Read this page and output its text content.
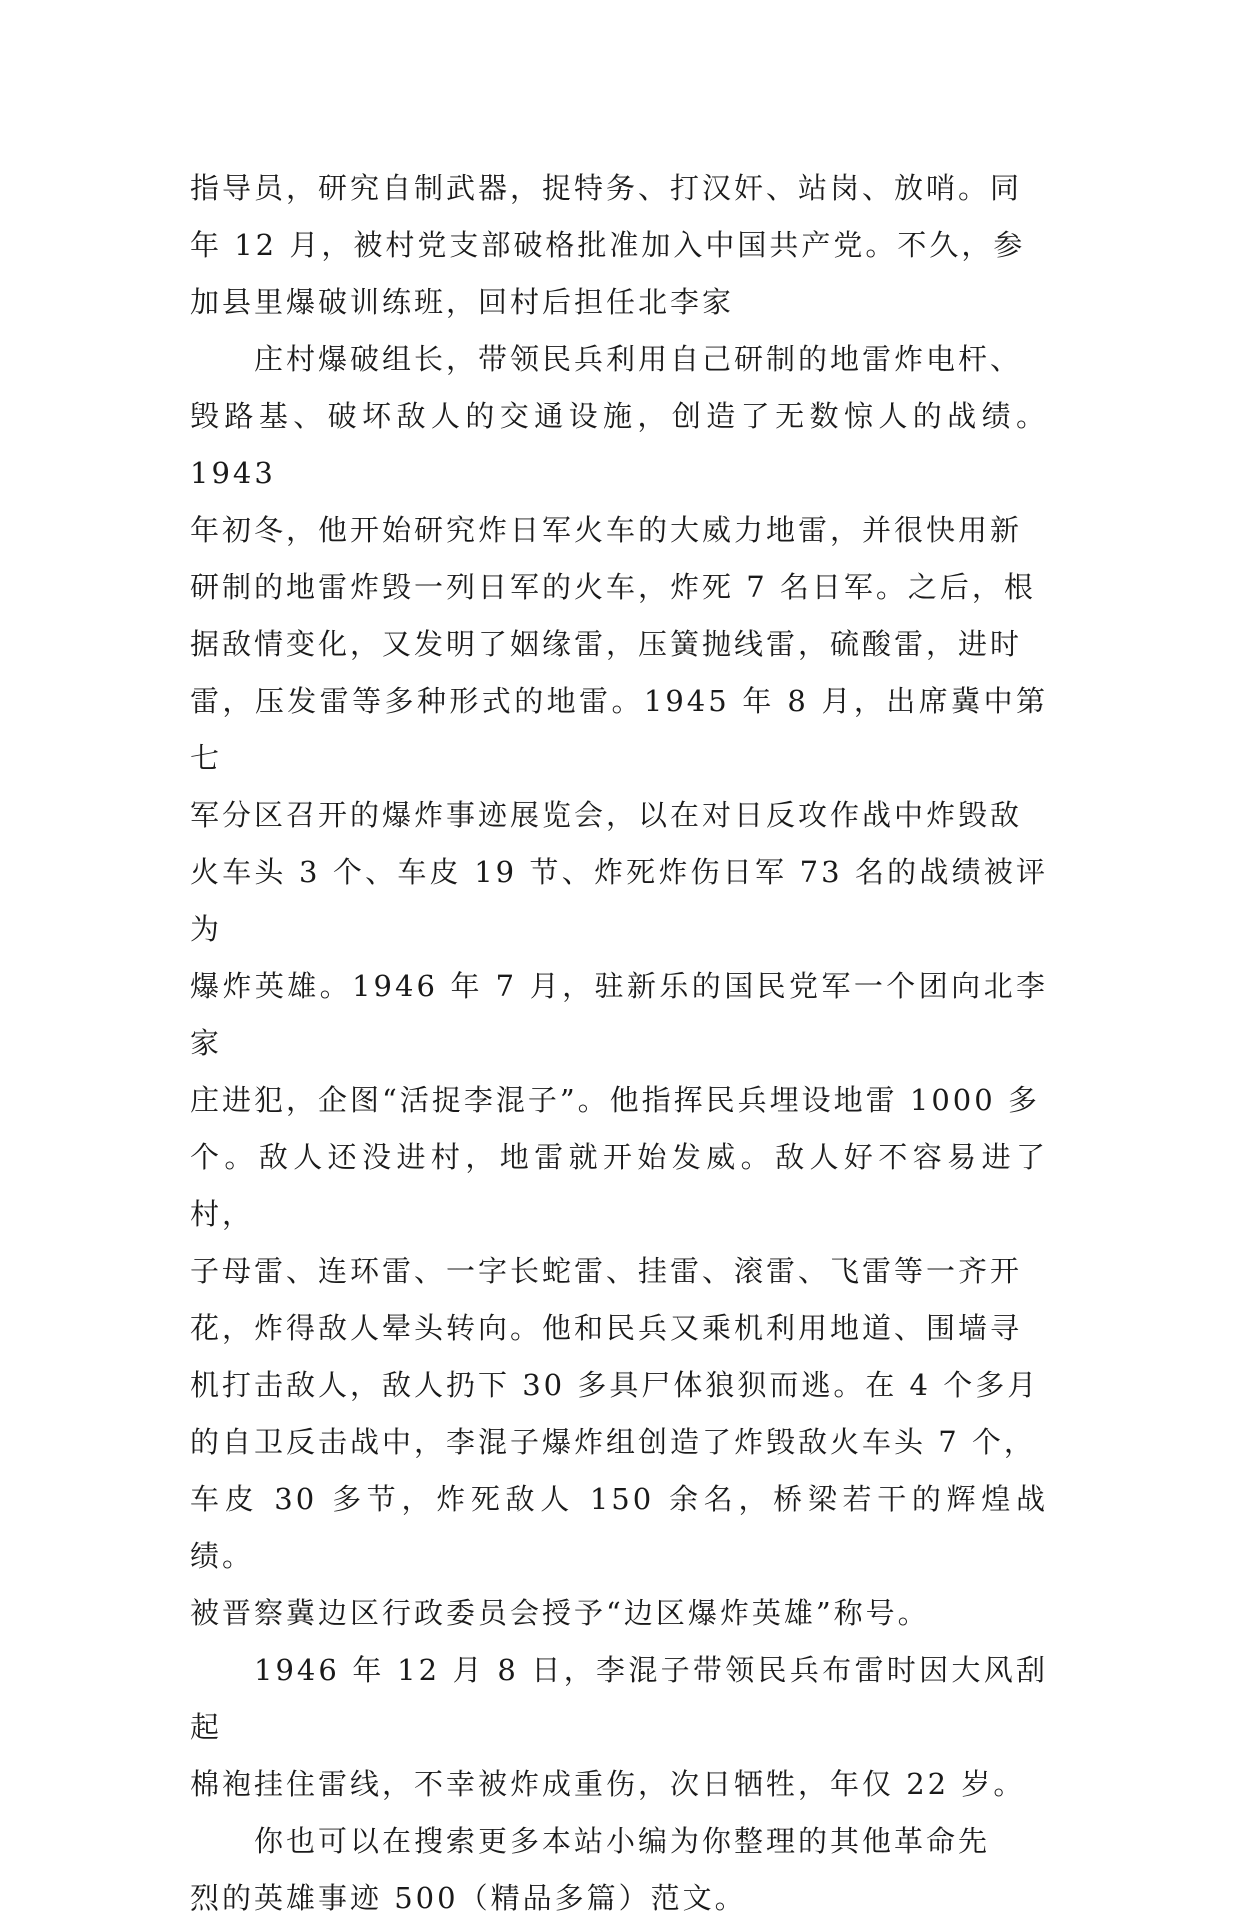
指导员，研究自制武器，捉特务、打汉奸、站岗、放哨。同
年 12 月，被村党支部破格批准加入中国共产党。不久，参
加县里爆破训练班，回村后担任北李家

庄村爆破组长，带领民兵利用自己研制的地雷炸电杆、
毁路基、破坏敌人的交通设施，创造了无数惊人的战绩。1943
年初冬，他开始研究炸日军火车的大威力地雷，并很快用新
研制的地雷炸毁一列日军的火车，炸死 7 名日军。之后，根
据敌情变化，又发明了姻缘雷，压簧抛线雷，硫酸雷，进时
雷，压发雷等多种形式的地雷。1945 年 8 月，出席冀中第七
军分区召开的爆炸事迹展览会，以在对日反攻作战中炸毁敌
火车头 3 个、车皮 19 节、炸死炸伤日军 73 名的战绩被评为
爆炸英雄。1946 年 7 月，驻新乐的国民党军一个团向北李家
庄进犯，企图“活捉李混子”。他指挥民兵埋设地雷 1000 多
个。敌人还没进村，地雷就开始发威。敌人好不容易进了村，
子母雷、连环雷、一字长蛇雷、挂雷、滚雷、飞雷等一齐开
花，炸得敌人晕头转向。他和民兵又乘机利用地道、围墙寻
机打击敌人，敌人扔下 30 多具尸体狼狈而逃。在 4 个多月
的自卫反击战中，李混子爆炸组创造了炸毁敌火车头 7 个，
车皮 30 多节，炸死敌人 150 余名，桥梁若干的辉煌战绩。
被晋察冀边区行政委员会授予“边区爆炸英雄”称号。

1946 年 12 月 8 日，李混子带领民兵布雷时因大风刮起
棉袍挂住雷线，不幸被炸成重伤，次日牺牲，年仅 22 岁。

你也可以在搜索更多本站小编为你整理的其他革命先
烈的英雄事迹 500（精品多篇）范文。
